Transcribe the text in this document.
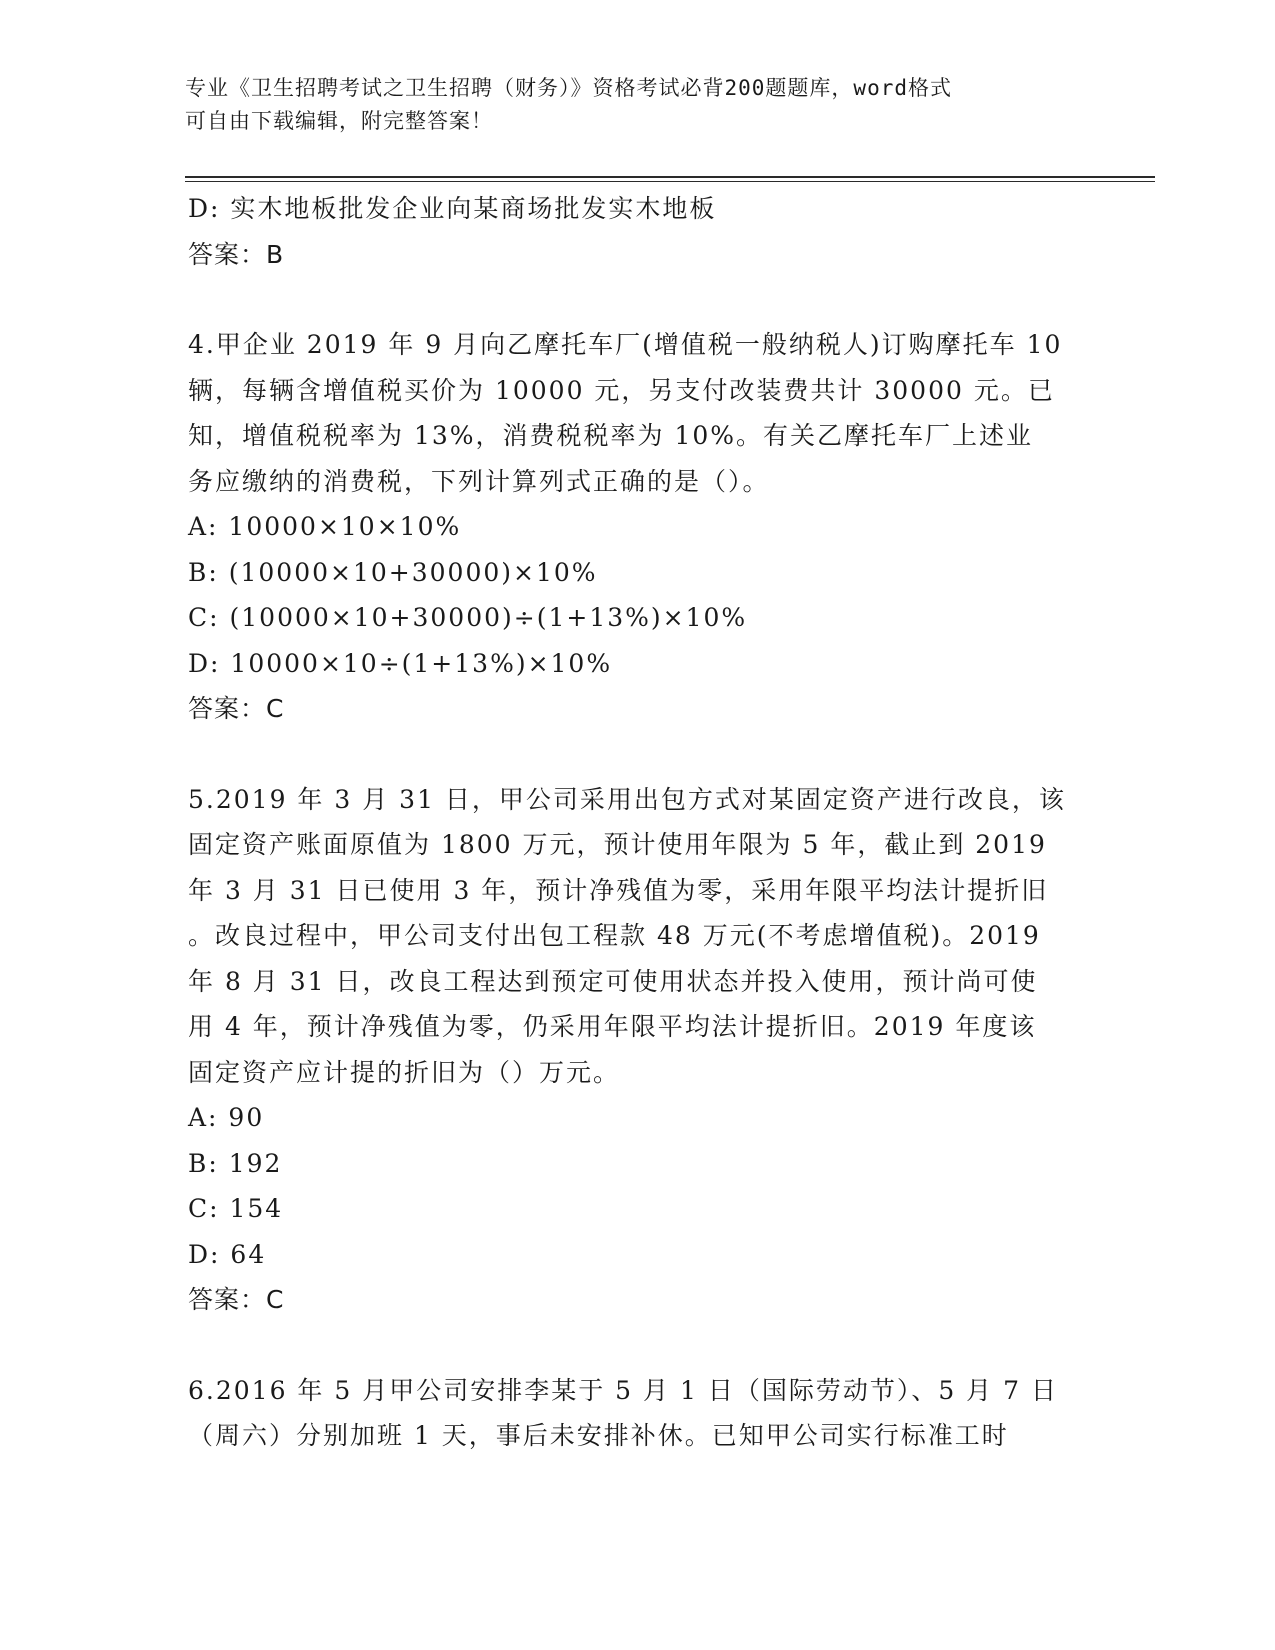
专业《卫生招聘考试之卫生招聘（财务）》资格考试必背200题题库，word格式
可自由下载编辑，附完整答案！
D: 实木地板批发企业向某商场批发实木地板
答案：B
4.甲企业 2019 年 9 月向乙摩托车厂(增值税一般纳税人)订购摩托车 10
辆，每辆含增值税买价为 10000 元，另支付改装费共计 30000 元。已
知，增值税税率为 13%，消费税税率为 10%。有关乙摩托车厂上述业
务应缴纳的消费税，下列计算列式正确的是（）。
A: 10000×10×10%
B: (10000×10+30000)×10%
C: (10000×10+30000)÷(1+13%)×10%
D: 10000×10÷(1+13%)×10%
答案：C
5.2019 年 3 月 31 日，甲公司采用出包方式对某固定资产进行改良，该
固定资产账面原值为 1800 万元，预计使用年限为 5 年，截止到 2019
年 3 月 31 日已使用 3 年，预计净残值为零，采用年限平均法计提折旧
。改良过程中，甲公司支付出包工程款 48 万元(不考虑增值税)。2019
年 8 月 31 日，改良工程达到预定可使用状态并投入使用，预计尚可使
用 4 年，预计净残值为零，仍采用年限平均法计提折旧。2019 年度该
固定资产应计提的折旧为（）万元。
A: 90
B: 192
C: 154
D: 64
答案：C
6.2016 年 5 月甲公司安排李某于 5 月 1 日（国际劳动节）、5 月 7 日
（周六）分别加班 1 天，事后未安排补休。已知甲公司实行标准工时
